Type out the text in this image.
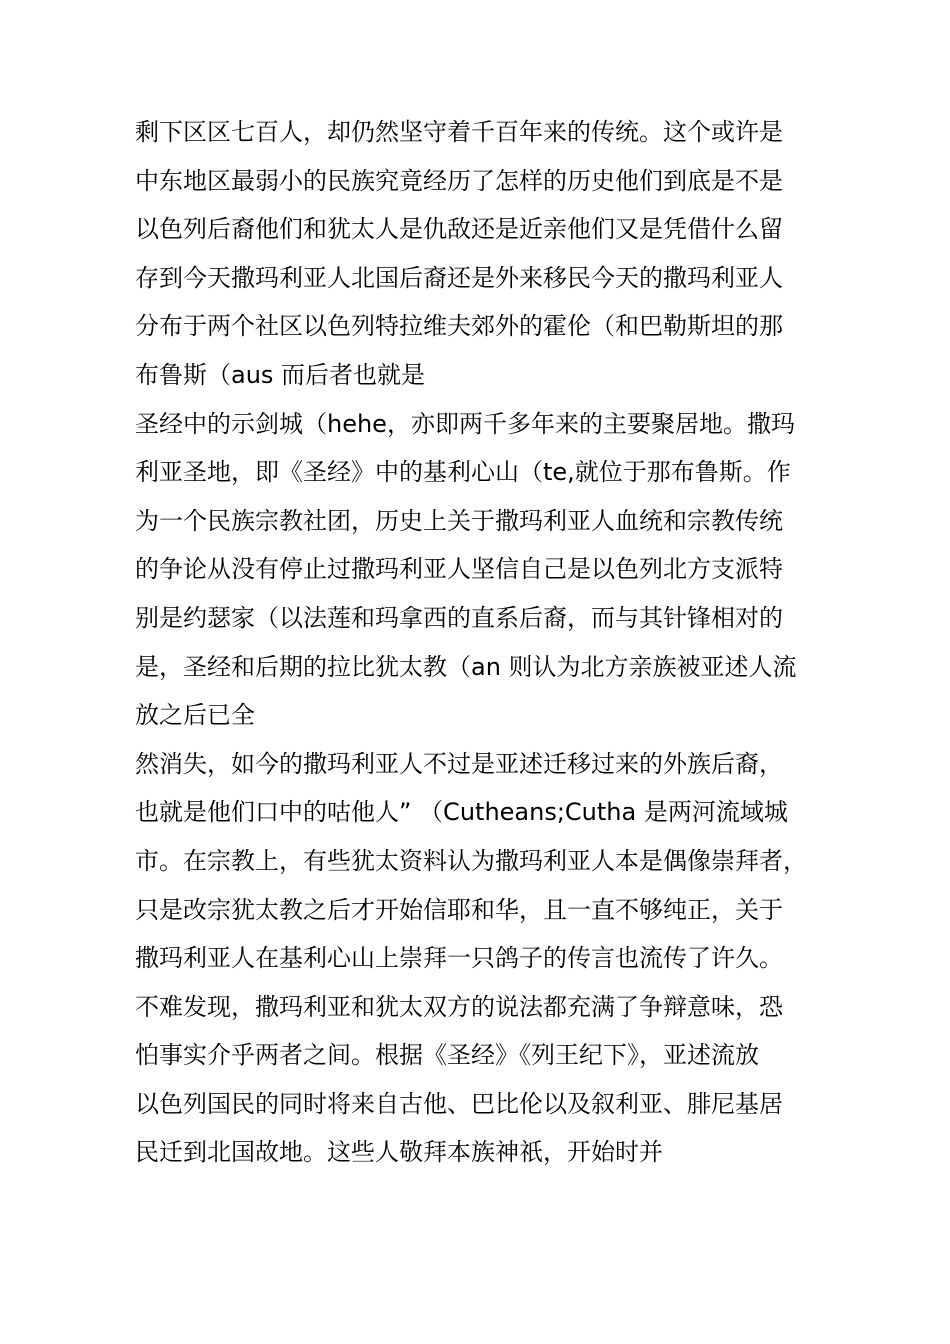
剩下区区七百人，却仍然坚守着千百年来的传统。这个或许是
中东地区最弱小的民族究竟经历了怎样的历史他们到底是不是
以色列后裔他们和犹太人是仇敌还是近亲他们又是凭借什么留
存到今天撒玛利亚人北国后裔还是外来移民今天的撒玛利亚人
分布于两个社区以色列特拉维夫郊外的霍伦（和巴勒斯坦的那
布鲁斯（aus 而后者也就是
圣经中的示剑城（hehe，亦即两千多年来的主要聚居地。撒玛
利亚圣地，即《圣经》中的基利心山（te,就位于那布鲁斯。作
为一个民族宗教社团，历史上关于撒玛利亚人血统和宗教传统
的争论从没有停止过撒玛利亚人坚信自己是以色列北方支派特
别是约瑟家（以法莲和玛拿西的直系后裔，而与其针锋相对的
是，圣经和后期的拉比犹太教（an 则认为北方亲族被亚述人流
放之后已全
然消失，如今的撒玛利亚人不过是亚述迁移过来的外族后裔，
也就是他们口中的咕他人” （Cutheans;Cutha 是两河流域城
市。在宗教上，有些犹太资料认为撒玛利亚人本是偶像崇拜者，
只是改宗犹太教之后才开始信耶和华，且一直不够纯正，关于
撒玛利亚人在基利心山上崇拜一只鸽子的传言也流传了许久。
不难发现，撒玛利亚和犹太双方的说法都充满了争辩意味，恐
怕事实介乎两者之间。根据《圣经》《列王纪下》，亚述流放
以色列国民的同时将来自古他、巴比伦以及叙利亚、腓尼基居
民迁到北国故地。这些人敬拜本族神祇，开始时并
